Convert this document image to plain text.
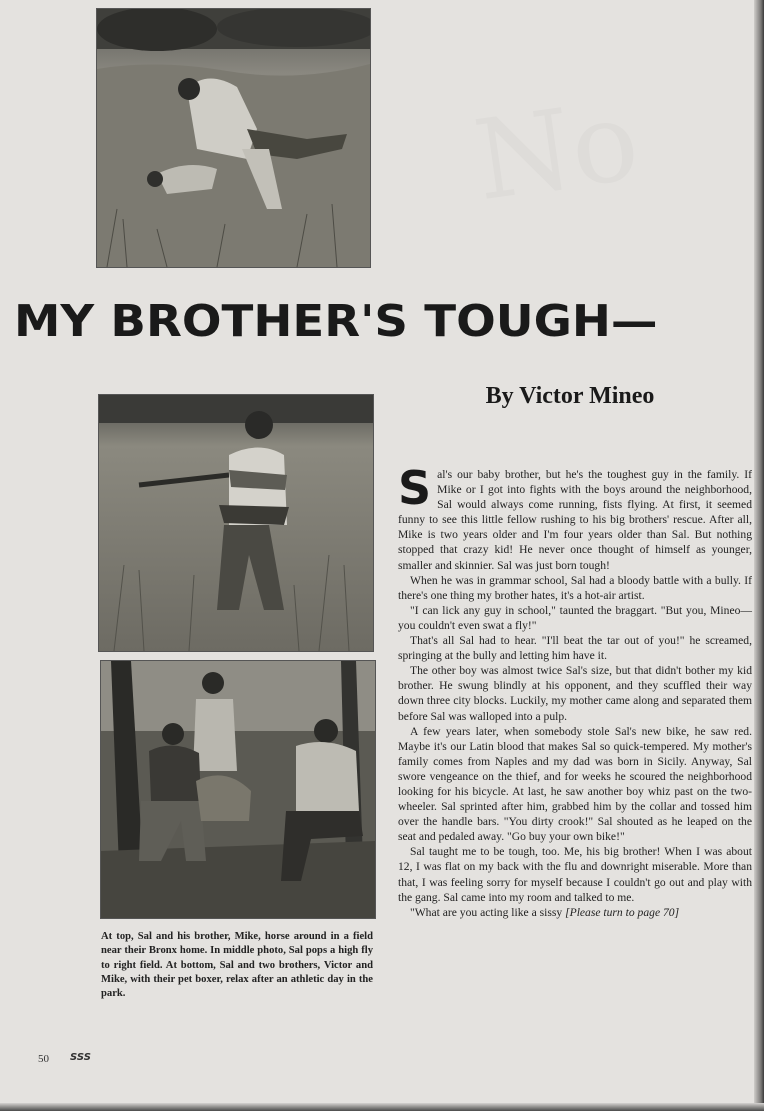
No
MY BROTHER'S TOUGH—
By Victor Mineo

Sal's our baby brother, but he's the toughest guy in the family. If Mike or I got into fights with the boys around the neighborhood, Sal would always come running, fists flying. At first, it seemed funny to see this little fellow rushing to his big brothers' rescue. After all, Mike is two years older and I'm four years older than Sal. But nothing stopped that crazy kid! He never once thought of himself as younger, smaller and skinnier. Sal was just born tough!

When he was in grammar school, Sal had a bloody battle with a bully. If there's one thing my brother hates, it's a hot-air artist.

"I can lick any guy in school," taunted the braggart. "But you, Mineo—you couldn't even swat a fly!"

That's all Sal had to hear. "I'll beat the tar out of you!" he screamed, springing at the bully and letting him have it.

The other boy was almost twice Sal's size, but that didn't bother my kid brother. He swung blindly at his opponent, and they scuffled their way down three city blocks. Luckily, my mother came along and separated them before Sal was walloped into a pulp.

A few years later, when somebody stole Sal's new bike, he saw red. Maybe it's our Latin blood that makes Sal so quick-tempered. My mother's family comes from Naples and my dad was born in Sicily. Anyway, Sal swore vengeance on the thief, and for weeks he scoured the neighborhood looking for his bicycle. At last, he saw another boy whiz past on the two-wheeler. Sal sprinted after him, grabbed him by the collar and tossed him over the handle bars. "You dirty crook!" Sal shouted as he leaped on the seat and pedaled away. "Go buy your own bike!"

Sal taught me to be tough, too. Me, his big brother! When I was about 12, I was flat on my back with the flu and downright miserable. More than that, I was feeling sorry for myself because I couldn't go out and play with the gang. Sal came into my room and talked to me.

"What are you acting like a sissy [Please turn to page 70]

At top, Sal and his brother, Mike, horse around in a field near their Bronx home. In middle photo, Sal pops a high fly to right field. At bottom, Sal and two brothers, Victor and Mike, with their pet boxer, relax after an athletic day in the park.
50 SSS
